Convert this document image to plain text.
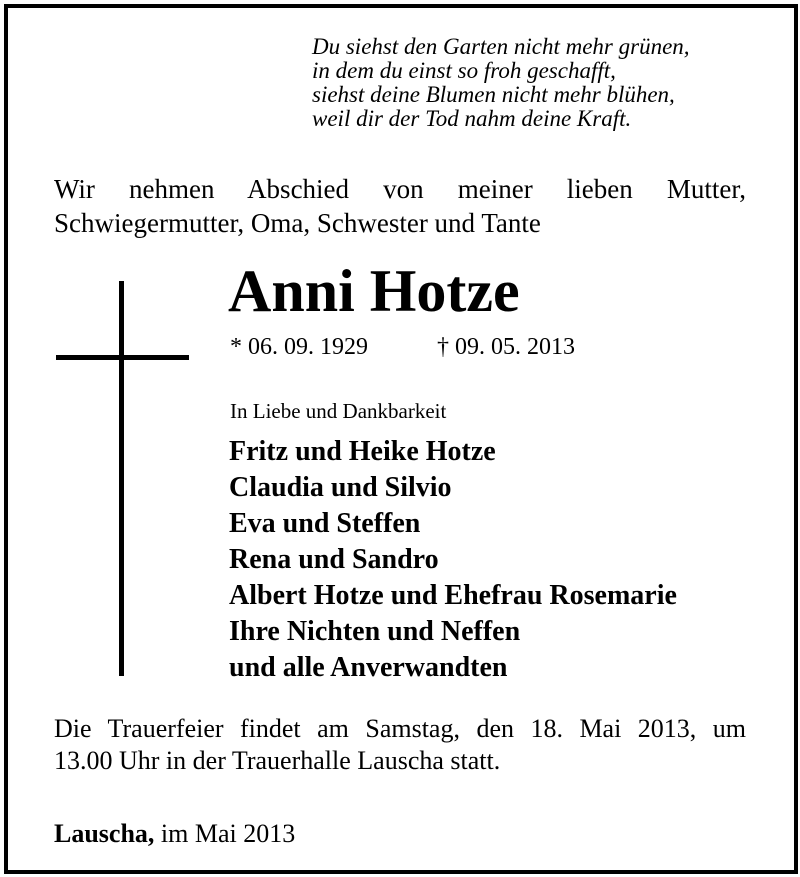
Du siehst den Garten nicht mehr grünen,
in dem du einst so froh geschafft,
siehst deine Blumen nicht mehr blühen,
weil dir der Tod nahm deine Kraft.
Wir nehmen Abschied von meiner lieben Mutter,
Schwiegermutter, Oma, Schwester und Tante
Anni Hotze
* 06. 09. 1929	† 09. 05. 2013
In Liebe und Dankbarkeit
Fritz und Heike Hotze
Claudia und Silvio
Eva und Steffen
Rena und Sandro
Albert Hotze und Ehefrau Rosemarie
Ihre Nichten und Neffen
und alle Anverwandten
Die Trauerfeier findet am Samstag, den 18. Mai 2013, um
13.00 Uhr in der Trauerhalle Lauscha statt.
Lauscha, im Mai 2013
